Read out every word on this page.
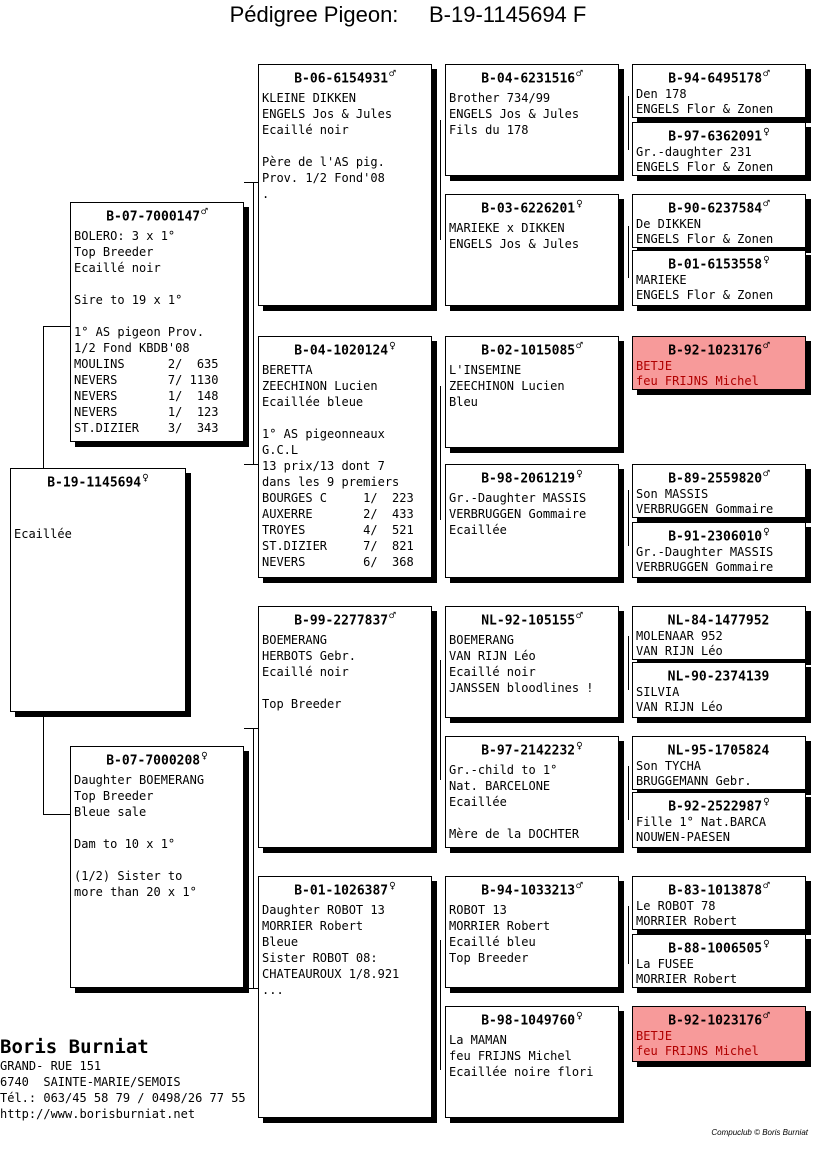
Pédigree Pigeon: B-19-1145694 F
B-19-1145694♀
Ecaillée
B-07-7000147♂
BOLERO: 3 x 1°
Top Breeder
Ecaillé noir
Sire to 19 x 1°
1° AS pigeon Prov.
1/2 Fond KBDB'08
MOULINS      2/  635
NEVERS       7/ 1130
NEVERS       1/  148
NEVERS       1/  123
ST.DIZIER    3/  343
B-07-7000208♀
Daughter BOEMERANG
Top Breeder
Bleue sale
Dam to 10 x 1°
(1/2) Sister to
more than 20 x 1°
B-06-6154931♂
KLEINE DIKKEN
ENGELS Jos & Jules
Ecaillé noir
Père de l'AS pig.
Prov. 1/2 Fond'08
.
B-04-1020124♀
BERETTA
ZEECHINON Lucien
Ecaillée bleue
1° AS pigeonneaux
G.C.L
13 prix/13 dont 7
dans les 9 premiers
BOURGES C     1/  223
AUXERRE       2/  433
TROYES        4/  521
ST.DIZIER     7/  821
NEVERS        6/  368
B-99-2277837♂
BOEMERANG
HERBOTS Gebr.
Ecaillé noir
Top Breeder
B-01-1026387♀
Daughter ROBOT 13
MORRIER Robert
Bleue
Sister ROBOT 08:
CHATEAUROUX 1/8.921
...
B-04-6231516♂
Brother 734/99
ENGELS Jos & Jules
Fils du 178
B-03-6226201♀
MARIEKE x DIKKEN
ENGELS Jos & Jules
B-02-1015085♂
L'INSEMINE
ZEECHINON Lucien
Bleu
B-98-2061219♀
Gr.-Daughter MASSIS
VERBRUGGEN Gommaire
Ecaillée
NL-92-105155♂
BOEMERANG
VAN RIJN Léo
Ecaillé noir
JANSSEN bloodlines !
B-97-2142232♀
Gr.-child to 1°
Nat. BARCELONE
Ecaillée
Mère de la DOCHTER
B-94-1033213♂
ROBOT 13
MORRIER Robert
Ecaillé bleu
Top Breeder
B-98-1049760♀
La MAMAN
feu FRIJNS Michel
Ecaillée noire flori
B-94-6495178♂
Den 178
ENGELS Flor & Zonen
B-97-6362091♀
Gr.-daughter 231
ENGELS Flor & Zonen
B-90-6237584♂
De DIKKEN
ENGELS Flor & Zonen
B-01-6153558♀
MARIEKE
ENGELS Flor & Zonen
B-92-1023176♂
BETJE
feu FRIJNS Michel
B-89-2559820♂
Son MASSIS
VERBRUGGEN Gommaire
B-91-2306010♀
Gr.-Daughter MASSIS
VERBRUGGEN Gommaire
NL-84-1477952
MOLENAAR 952
VAN RIJN Léo
NL-90-2374139
SILVIA
VAN RIJN Léo
NL-95-1705824
Son TYCHA
BRUGGEMANN Gebr.
B-92-2522987♀
Fille 1° Nat.BARCA
NOUWEN-PAESEN
B-83-1013878♂
Le ROBOT 78
MORRIER Robert
B-88-1006505♀
La FUSEE
MORRIER Robert
B-92-1023176♂
BETJE
feu FRIJNS Michel
Boris Burniat
GRAND- RUE 151
6740  SAINTE-MARIE/SEMOIS
Tél.: 063/45 58 79 / 0498/26 77 55
http://www.borisburniat.net
Compuclub © Boris Burniat
